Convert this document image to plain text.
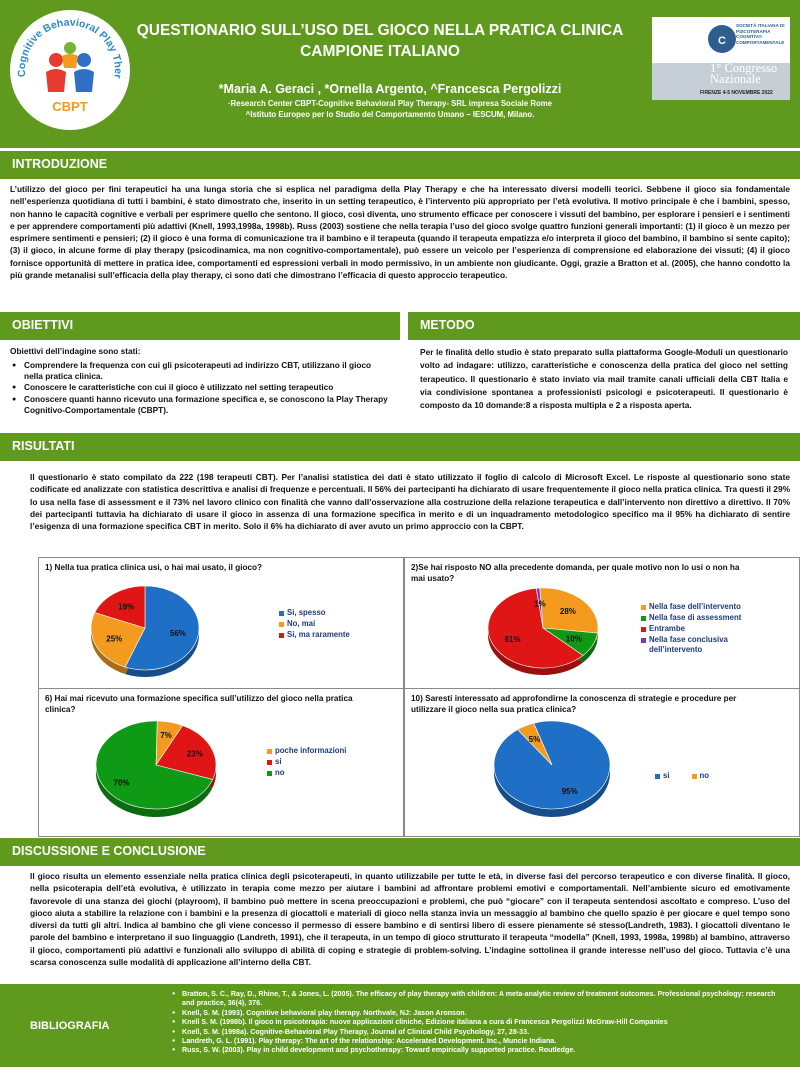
Cognitive Behavioral Play Ther
CBPT
QUESTIONARIO SULL’USO DEL GIOCO NELLA PRATICA CLINICA
CAMPIONE ITALIANO
*Maria A. Geraci , *Ornella Argento, ^Francesca Pergolizzi
·Research Center CBPT-Cognitive Behavioral Play Therapy- SRL impresa Sociale Rome
^Istituto Europeo per lo Studio del Comportamento Umano – IESCUM, Milano.
C
SOCIETÀ ITALIANA DI PSICOTERAPIA COGNITIVO COMPORTAMENTALE
1° Congresso
Nazionale
FIRENZE 4-5 NOVEMBRE 2022
INTRODUZIONE
L’utilizzo del gioco per fini terapeutici ha una lunga storia che si esplica nel paradigma della Play Therapy e che ha interessato diversi modelli teorici. Sebbene il gioco sia fondamentale nell’esperienza quotidiana di tutti i bambini, è stato dimostrato che, inserito in un setting terapeutico, è l’intervento più appropriato per l’età evolutiva. Il motivo principale è che i bambini, spesso, non hanno le capacità cognitive e verbali per esprimere quello che sentono. Il gioco, così diventa, uno strumento efficace per conoscere i vissuti del bambino, per esplorare i pensieri e i sentimenti e per apprendere comportamenti più adattivi (Knell, 1993,1998a, 1998b). Russ (2003) sostiene che nella terapia l’uso del gioco svolge quattro funzioni generali importanti: (1) il gioco è un mezzo per esprimere sentimenti e pensieri; (2) il gioco è una forma di comunicazione tra il bambino e il terapeuta (quando il terapeuta empatizza e/o interpreta il gioco del bambino, il bambino si sente capito); (3) il gioco, in alcune forme di play therapy (psicodinamica, ma non cognitivo-comportamentale), può essere un veicolo per l’esperienza di comprensione ed elaborazione dei vissuti; (4) il gioco fornisce opportunità di mettere in pratica idee, comportamenti ed espressioni verbali in modo permissivo, in un ambiente non giudicante. Oggi, grazie a Bratton et al. (2005), che hanno condotto la più grande metanalisi sull’efficacia della play therapy, ci sono dati che dimostrano l’efficacia di questo approccio terapeutico.
OBIETTIVI	METODO
Obiettivi dell’indagine sono stati:
● Comprendere la frequenza con cui gli psicoterapeuti ad indirizzo CBT, utilizzano il gioco nella pratica clinica.
● Conoscere le caratteristiche con cui il gioco è utilizzato nel setting terapeutico
● Conoscere quanti hanno ricevuto una formazione specifica e, se conoscono la Play Therapy Cognitivo-Comportamentale (CBPT).
Per le finalità dello studio è stato preparato sulla piattaforma Google-Moduli un questionario volto ad indagare: utilizzo, caratteristiche e conoscenza della pratica del gioco nel setting terapeutico. Il questionario è stato inviato via mail tramite canali ufficiali della CBT Italia e via condivisione spontanea a professionisti psicologi e psicoterapeuti. Il questionario è composto da 10 domande:8 a risposta multipla e 2 a risposta aperta.
RISULTATI
Il questionario è stato compilato da 222 (198 terapeuti CBT). Per l’analisi statistica dei dati è stato utilizzato il foglio di calcolo di Microsoft Excel. Le risposte al questionario sono state codificate ed analizzate con statistica descrittiva e analisi di frequenze e percentuali. Il 56% dei partecipanti ha dichiarato di usare frequentemente il gioco nella pratica clinica. Tra questi il 29% lo usa nella fase di assessment e il 73% nel lavoro clinico con finalità che vanno dall’osservazione alla costruzione della relazione terapeutica e dall’intervento non direttivo a direttivo. Il 70% dei partecipanti tuttavia ha dichiarato di usare il gioco in assenza di una formazione specifica in merito e di un inquadramento metodologico specifico ma il 95% ha dichiarato di sentire l’esigenza di una formazione specifica CBT in merito. Solo il 6% ha dichiarato di aver avuto un primo approccio con la CBPT.
1) Nella tua pratica clinica usi, o hai mai usato, il gioco?
56%
25%
19%
Si, spesso
No, mai
Si, ma raramente
2)Se hai risposto NO alla precedente domanda, per quale motivo non lo usi o non ha mai usato?
28%
10%
61%
1%	Nella fase dell’intervento
Nella fase di assessment
Entrambe
Nella fase conclusiva dell’intervento
6) Hai mai ricevuto una formazione specifica sull’utilizzo del gioco nella pratica clinica?
7%
23%
70%
poche informazioni
si
no
10) Saresti interessato ad approfondirne la conoscenza di strategie e procedure per utilizzare il gioco nella sua pratica clinica?
95%
5%
si	no
DISCUSSIONE E CONCLUSIONE
Il gioco risulta un elemento essenziale nella pratica clinica degli psicoterapeuti, in quanto utilizzabile per tutte le età, in diverse fasi del percorso terapeutico e con diverse finalità. Il gioco, nella psicoterapia dell’età evolutiva, è utilizzato in terapia come mezzo per aiutare i bambini ad affrontare problemi emotivi e comportamentali. Nell’ambiente sicuro ed emotivamente favorevole di una stanza dei giochi (playroom), il bambino può mettere in scena preoccupazioni e problemi, che può “giocare” con il terapeuta sentendosi ascoltato e compreso. L’uso del gioco aiuta a stabilire la relazione con i bambini e la presenza di giocattoli e materiali di gioco nella stanza invia un messaggio al bambino che quello spazio è per giocare e quel tempo sono diversi da tutti gli altri. Indica al bambino che gli viene concesso il permesso di essere bambino e di sentirsi libero di essere pienamente sé stesso(Landreth, 1983). I giocattoli diventano le parole del bambino e interpretano il suo linguaggio (Landreth, 1991), che il terapeuta, in un tempo di gioco strutturato il terapeuta “modella” (Knell, 1993, 1998a, 1998b) al bambino, attraverso il gioco, comportamenti più adattivi e funzionali allo sviluppo di abilità di coping e strategie di problem-solving. L’indagine sottolinea il grande interesse nell’uso del gioco. Tuttavia c’è una scarsa conoscenza sulle modalità di applicazione all’interno della CBT.
BIBLIOGRAFIA
● Bratton, S. C., Ray, D., Rhine, T., & Jones, L. (2005). The efficacy of play therapy with children: A meta-analytic review of treatment outcomes. Professional psychology: research and practice, 36(4), 376.
● Knell, S. M. (1993). Cognitive behavioral play therapy. Northvale, NJ: Jason Aronson.
● Knell S. M. (1998b). Il gioco in psicoterapia: nuove applicazioni cliniche, Edizione italiana a cura di Francesca Pergolizzi McGraw-Hill Companies
● Knell, S. M. (1998a). Cognitive-Behavioral Play Therapy, Journal of Clinical Child Psychology, 27, 28-33.
● Landreth, G. L. (1991). Play therapy: The art of the relationship: Accelerated Development. Inc., Muncie Indiana.
● Russ, S. W. (2003). Play in child development and psychotherapy: Toward empirically supported practice. Routledge.
